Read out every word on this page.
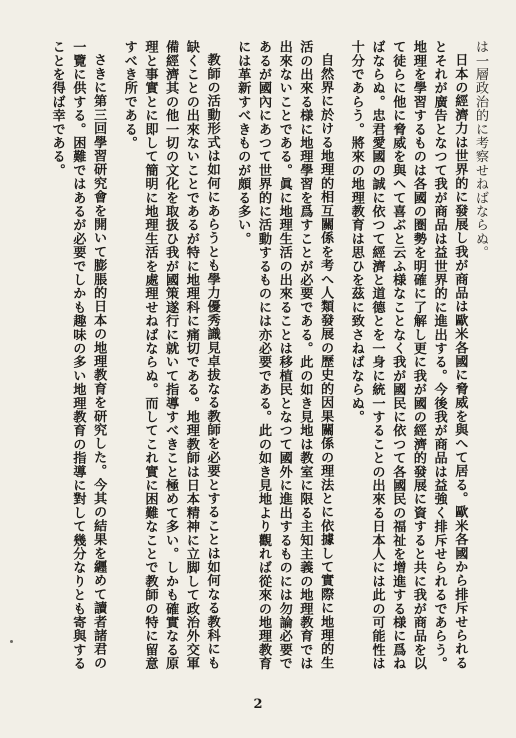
は一層政治的に考察せねばならぬ。

日本の經濟力は世界的に發展し我が商品は歐米各國に脅威を與へて居る。歐米各國から排斥せられるとそれが廣告となつて我が商品は益世界的に進出する。今後我が商品は益強く排斥せられるであらう。地理を學習するものは各國の圏勢を明確に了解し更に我が國の經濟的發展に資すると共に我が商品を以て徒らに他に脅威を與へて喜ぶと云ふ様なことなく我が國民に依つて各國民の福祉を增進する様に爲ねばならぬ。忠君愛國の誠に依つて經濟と道德とを一身に統一することの出來る日本人には此の可能性は十分であらう。將來の地理教育は思ひを茲に致さねばならぬ。

自然界に於ける地理的相互關係を考へ人類發展の歷史的因果關係の理法とに依據して實際に地理的生活の出來る様に地理學習を爲すことが必要である。此の如き見地は教室に限る主知主義の地理教育では出來ないことである。眞に地理生活の出來ることは移植民となつて國外に進出するものには勿論必要であるが國內にあつて世界的に活動するものには亦必要である。此の如き見地より觀れば從來の地理教育には革新すべきものが頗る多い。

教師の活動形式は如何にあらうとも學力優秀識見卓拔なる教師を必要とすることは如何なる教科にも缺くことの出來ないことであるが特に地理科に痛切である。地理教師は日本精神に立脚して政治外交軍備經濟其の他一切の文化を取扱ひ我が國策遂行に就いて指導すべきこと極めて多い。しかも確實なる原理と事實とに即して簡明に地理生活を處理せねばならぬ。而してこれ實に困難なことで教師の特に留意すべき所である。

さきに第三回學習研究會を開いて膨脹的日本の地理教育を研究した。今其の結果を纒めて讀者諸君の一覽に供する。困難ではあるが必要でしかも趣味の多い地理教育の指導に對して幾分なりとも寄與することを得ば幸である。

2
